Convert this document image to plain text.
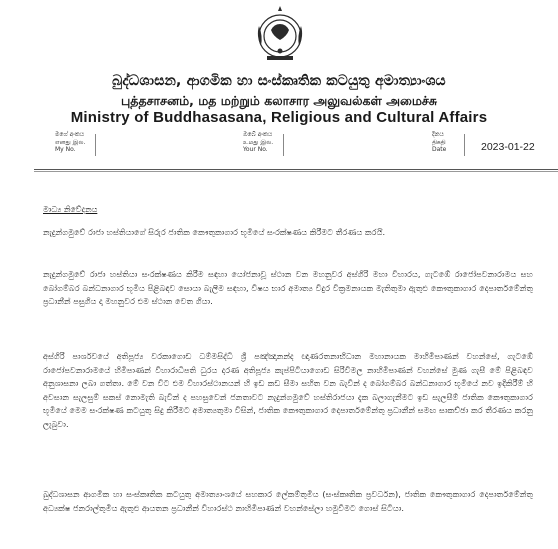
බුද්ධශාසන, ආගමික හා සංස්කෘතික කටයුතු අමාත්‍යාංශය
புத்தசாசனம், மத மற்றும் கலாசார அலுவல்கள் அமைச்சு
Ministry of Buddhasasana, Religious and Cultural Affairs
මගේ අංකය
எனது இல.
My No.
ඔබේ අංකය
உமது இல.
Your No.
දිනය
திகதி
Date	2023-01-22
මාධ්‍ය නිවේදනය
නැදුන්ගමුවේ රාජා හස්තියාගේ සිරුර ජාතික කෞතුකාගාර භූමියේ සංරක්ෂණය කිරීමට තීරණය කරයි.
නැදුන්ගමුවේ රාජා හස්තියා සංරක්ෂණය කිරීම සඳහා යෝජනාවූ ස්ථාන වන මහනුවර අස්ගිරි මහා විහාරය, ගැටඹේ රාජෝපවනාරාමය සහ බෝගම්බර බන්ධනාගාර භූමිය පිළිබඳව සොයා බැලීම සඳහා, විෂය භාර අමාත්‍ය විදුර වික්‍රමනායක මැතිතුමා ඇතුළු කෞතුකාගාර දෙපාර්තමේන්තු ප්‍රධානීන් පසුගිය දා මහනුවර එම ස්ථාන වෙත ගියා.
අස්ගිරි පාර්ශවයේ අතිපූජ්‍ය වරකාගොඩ ධම්මසිද්ධි ශ්‍රී පඤ්ඤානන්ද ඥාණරතනාභිධාන මහානායක මාහිමිපාණන් වහන්සේ, ගැටඹේ රාජෝපවනාරාමයේ හිමිපාණන් විහාරාධිපති ධුරය දරණ අතිපූජ්‍ය කැප්පිටියාගොඩ සිරිවිමල නාහිමිපාණන් වහන්සේ මුණ ගැසී මේ පිළිබඳව අනුශාසනා ලබා ගත්තා. මේ වන විට එම විහාරස්ථානයන් හි ඉඩ කඩ සීමා සහිත වන බැවින් ද බෝගම්බර බන්ධනාගාර භූමියේ නව ඉදිකිරීම් හි අවසාන සැලසුම් සකස් නොමැති බැවින් ද පහසුවෙන් ජනතාවට නැදුන්ගමුවේ හස්තිරාජයා දැක බලාගැනීමට ඉඩ සැලසීම් ජාතික කෞතුකාගාර භූමියේ මෙම සංරක්ෂණ කටයුතු සිදු කිරීමට අමාත්‍යතුමා විසින්, ජාතික කෞතුකාගාර දෙපාර්තමේන්තු ප්‍රධානීන් සමඟ සාකච්ඡා කර තීරණය කරනු ලැබුවා.
බුද්ධශාසන ආගමික හා සංස්කෘතික කටයුතු අමාත්‍යාංශයේ සහකාර ලේකම්තුමිය (සංස්කෘතික ප්‍රවර්ධන), ජාතික කෞතුකාගාර දෙපාර්තමේන්තු අධ්‍යක්ෂ ජනරාල්තුමිය ඇතුළු ආයතන ප්‍රධානීන් විහාරස්ථ නාහිමිපාණන් වහන්සේලා හමුවීමට ගොස් සිටියා.
